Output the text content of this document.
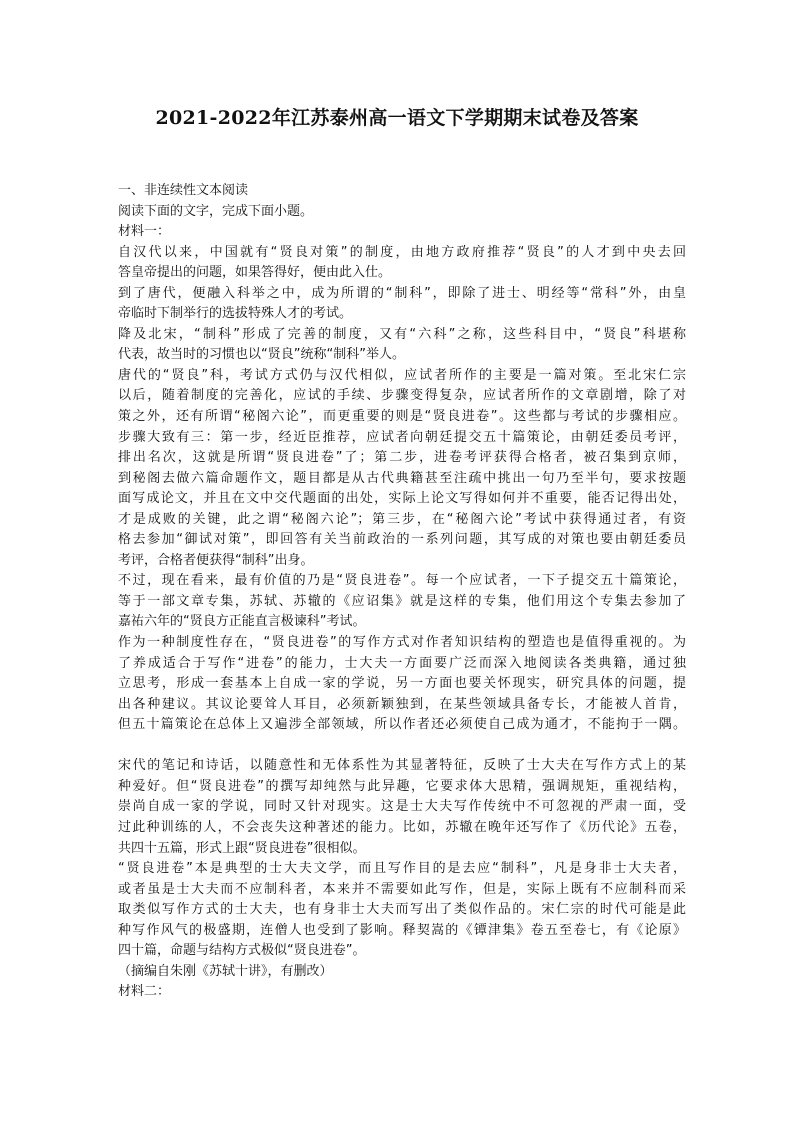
2021-2022年江苏泰州高一语文下学期期末试卷及答案
一、非连续性文本阅读
阅读下面的文字，完成下面小题。
材料一：
自汉代以来，中国就有“贤良对策”的制度，由地方政府推荐“贤良”的人才到中央去回
答皇帝提出的问题，如果答得好，便由此入仕。
到了唐代，便融入科举之中，成为所谓的“制科”，即除了进士、明经等“常科”外，由皇
帝临时下制举行的选拔特殊人才的考试。
降及北宋，“制科”形成了完善的制度，又有“六科”之称，这些科目中，“贤良”科堪称
代表，故当时的习惯也以“贤良”统称“制科”举人。
唐代的“贤良”科，考试方式仍与汉代相似，应试者所作的主要是一篇对策。至北宋仁宗
以后，随着制度的完善化，应试的手续、步骤变得复杂，应试者所作的文章剧增，除了对
策之外，还有所谓“秘阁六论”，而更重要的则是“贤良进卷”。这些都与考试的步骤相应。
步骤大致有三：第一步，经近臣推荐，应试者向朝廷提交五十篇策论，由朝廷委员考评，
排出名次，这就是所谓“贤良进卷”了；第二步，进卷考评获得合格者，被召集到京师，
到秘阁去做六篇命题作文，题目都是从古代典籍甚至注疏中挑出一句乃至半句，要求按题
面写成论文，并且在文中交代题面的出处，实际上论文写得如何并不重要，能否记得出处，
才是成败的关键，此之谓“秘阁六论”；第三步，在“秘阁六论”考试中获得通过者，有资
格去参加“御试对策”，即回答有关当前政治的一系列问题，其写成的对策也要由朝廷委员
考评，合格者便获得“制科”出身。
不过，现在看来，最有价值的乃是“贤良进卷”。每一个应试者，一下子提交五十篇策论，
等于一部文章专集，苏轼、苏辙的《应诏集》就是这样的专集，他们用这个专集去参加了
嘉祐六年的“贤良方正能直言极谏科”考试。
作为一种制度性存在，“贤良进卷”的写作方式对作者知识结构的塑造也是值得重视的。为
了养成适合于写作“进卷”的能力，士大夫一方面要广泛而深入地阅读各类典籍，通过独
立思考，形成一套基本上自成一家的学说，另一方面也要关怀现实，研究具体的问题，提
出各种建议。其议论要耸人耳目，必须新颖独到，在某些领域具备专长，才能被人首肯，
但五十篇策论在总体上又遍涉全部领域，所以作者还必须使自己成为通才，不能拘于一隅。
宋代的笔记和诗话，以随意性和无体系性为其显著特征，反映了士大夫在写作方式上的某
种爱好。但“贤良进卷”的撰写却纯然与此异趣，它要求体大思精，强调规矩，重视结构，
崇尚自成一家的学说，同时又针对现实。这是士大夫写作传统中不可忽视的严肃一面，受
过此种训练的人，不会丧失这种著述的能力。比如，苏辙在晚年还写作了《历代论》五卷，
共四十五篇，形式上跟“贤良进卷”很相似。
“贤良进卷”本是典型的士大夫文学，而且写作目的是去应“制科”，凡是身非士大夫者，
或者虽是士大夫而不应制科者，本来并不需要如此写作，但是，实际上既有不应制科而采
取类似写作方式的士大夫，也有身非士大夫而写出了类似作品的。宋仁宗的时代可能是此
种写作风气的极盛期，连僧人也受到了影响。释契嵩的《镡津集》卷五至卷七，有《论原》
四十篇，命题与结构方式极似“贤良进卷”。
（摘编自朱刚《苏轼十讲》，有删改）
材料二：
